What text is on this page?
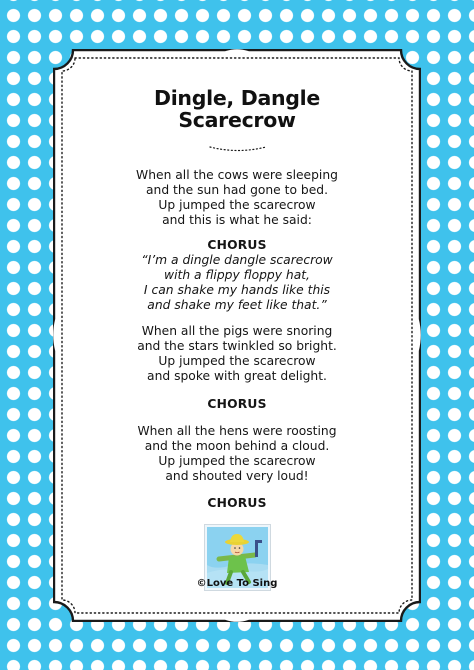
Dingle, Dangle
Scarecrow
When all the cows were sleeping
and the sun had gone to bed.
Up jumped the scarecrow
and this is what he said:
CHORUS
“I’m a dingle dangle scarecrow
with a flippy floppy hat,
I can shake my hands like this
and shake my feet like that.”
When all the pigs were snoring
and the stars twinkled so bright.
Up jumped the scarecrow
and spoke with great delight.
CHORUS
When all the hens were roosting
and the moon behind a cloud.
Up jumped the scarecrow
and shouted very loud!
CHORUS
©Love To Sing
